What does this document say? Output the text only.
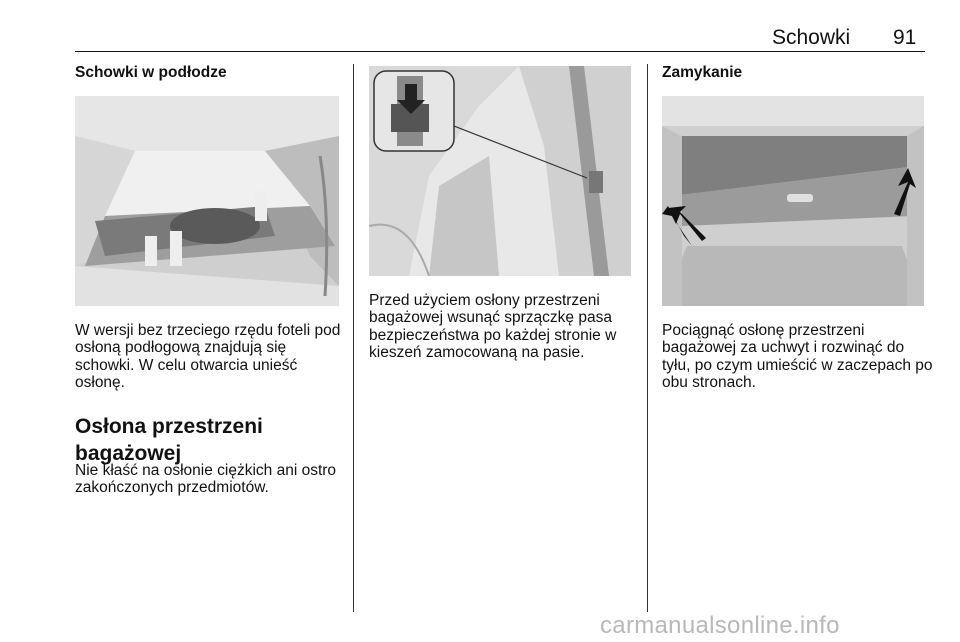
Schowki 91
Schowki w podłodze
W wersji bez trzeciego rzędu foteli pod osłoną podłogową znajdują się schowki. W celu otwarcia unieść osłonę.
Osłona przestrzeni bagażowej
Nie kłaść na osłonie ciężkich ani ostro zakończonych przedmiotów.
Przed użyciem osłony przestrzeni bagażowej wsunąć sprzączkę pasa bezpieczeństwa po każdej stronie w kieszeń zamocowaną na pasie.
Zamykanie
Pociągnąć osłonę przestrzeni bagażowej za uchwyt i rozwinąć do tyłu, po czym umieścić w zaczepach po obu stronach.
carmanualsonline.info
